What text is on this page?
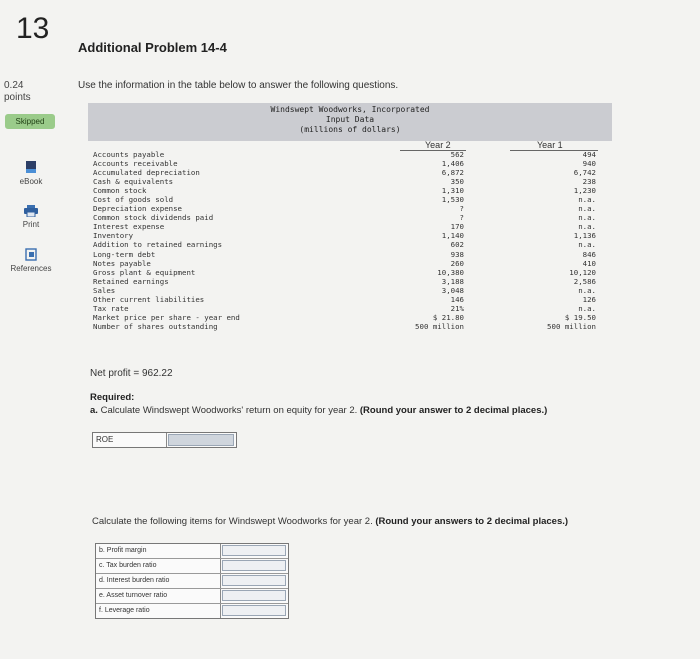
13
0.24
points
Skipped
eBook
Print
References
Additional Problem 14-4
Use the information in the table below to answer the following questions.
Windswept Woodworks, Incorporated
Input Data
(millions of dollars)
Year 2	Year 1
Accounts payable
Accounts receivable
Accumulated depreciation
Cash & equivalents
Common stock
Cost of goods sold
Depreciation expense
Common stock dividends paid
Interest expense
Inventory
Addition to retained earnings
Long-term debt
Notes payable
Gross plant & equipment
Retained earnings
Sales
Other current liabilities
Tax rate
Market price per share - year end
Number of shares outstanding
562
1,406
6,872
350
1,310
1,530
?
?
170
1,140
602
938
260
10,380
3,188
3,048
146
21%
$ 21.80
500 million
494
940
6,742
238
1,230
n.a.
n.a.
n.a.
n.a.
1,136
n.a.
846
410
10,120
2,586
n.a.
126
n.a.
$ 19.50
500 million
Net profit = 962.22
Required:
a. Calculate Windswept Woodworks' return on equity for year 2. (Round your answer to 2 decimal places.)
ROE
Calculate the following items for Windswept Woodworks for year 2. (Round your answers to 2 decimal places.)
b. Profit margin
c. Tax burden ratio
d. Interest burden ratio
e. Asset turnover ratio
f. Leverage ratio
